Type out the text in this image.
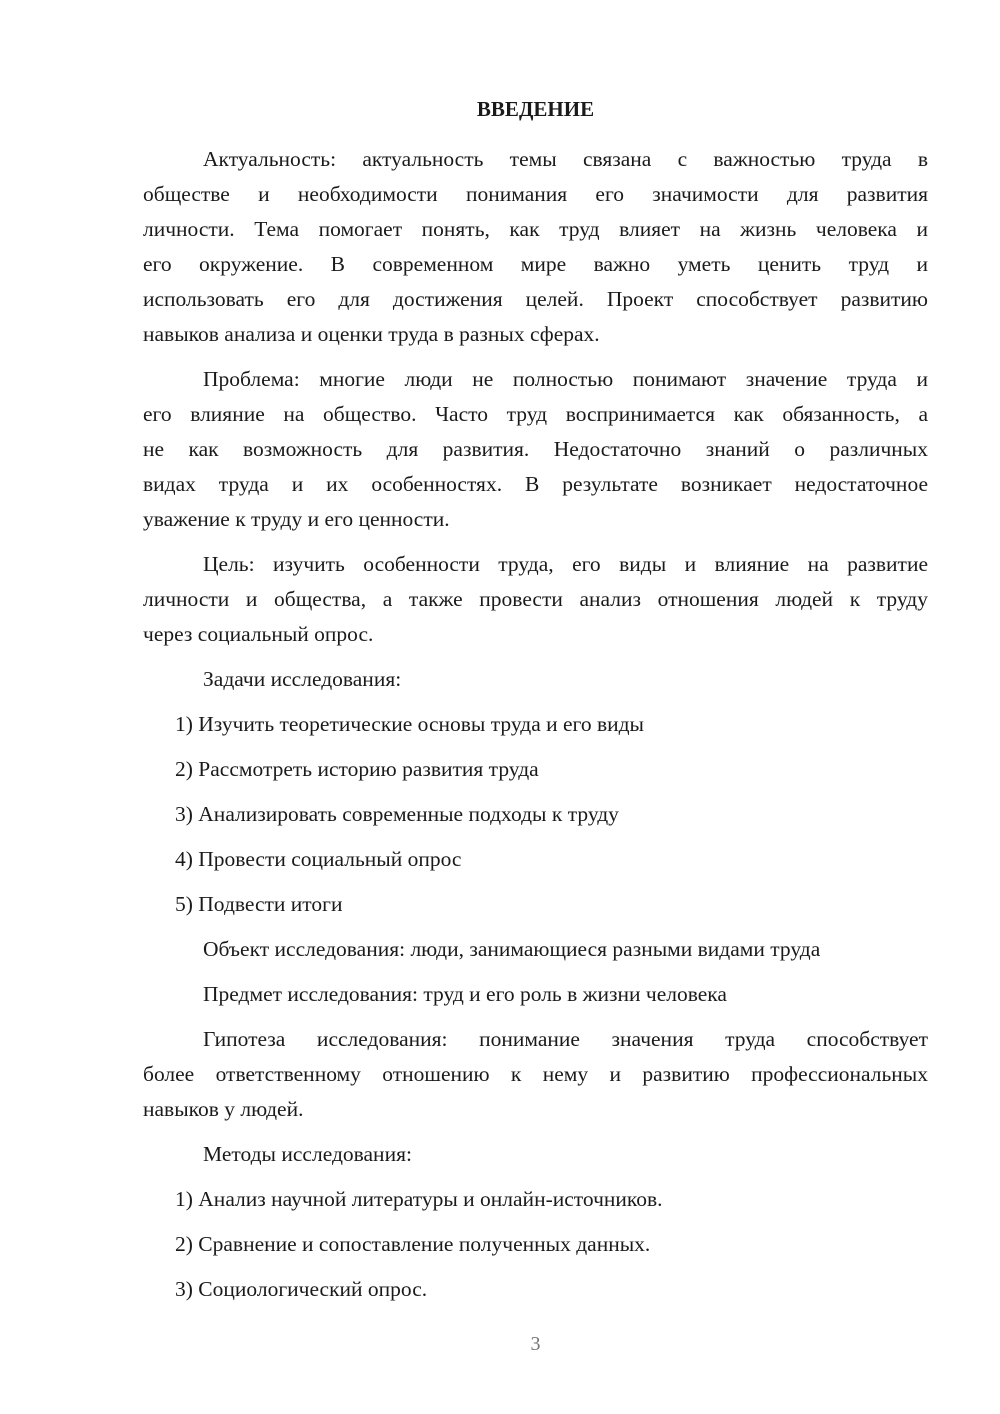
ВВЕДЕНИЕ
Актуальность: актуальность темы связана с важностью труда в
обществе и необходимости понимания его значимости для развития
личности. Тема помогает понять, как труд влияет на жизнь человека и
его окружение. В современном мире важно уметь ценить труд и
использовать его для достижения целей. Проект способствует развитию
навыков анализа и оценки труда в разных сферах.
Проблема: многие люди не полностью понимают значение труда и
его влияние на общество. Часто труд воспринимается как обязанность, а
не как возможность для развития. Недостаточно знаний о различных
видах труда и их особенностях. В результате возникает недостаточное
уважение к труду и его ценности.
Цель: изучить особенности труда, его виды и влияние на развитие
личности и общества, а также провести анализ отношения людей к труду
через социальный опрос.
Задачи исследования:
1) Изучить теоретические основы труда и его виды
2) Рассмотреть историю развития труда
3) Анализировать современные подходы к труду
4) Провести социальный опрос
5) Подвести итоги
Объект исследования: люди, занимающиеся разными видами труда
Предмет исследования: труд и его роль в жизни человека
Гипотеза исследования: понимание значения труда способствует
более ответственному отношению к нему и развитию профессиональных
навыков у людей.
Методы исследования:
1) Анализ научной литературы и онлайн-источников.
2) Сравнение и сопоставление полученных данных.
3) Социологический опрос.
3
